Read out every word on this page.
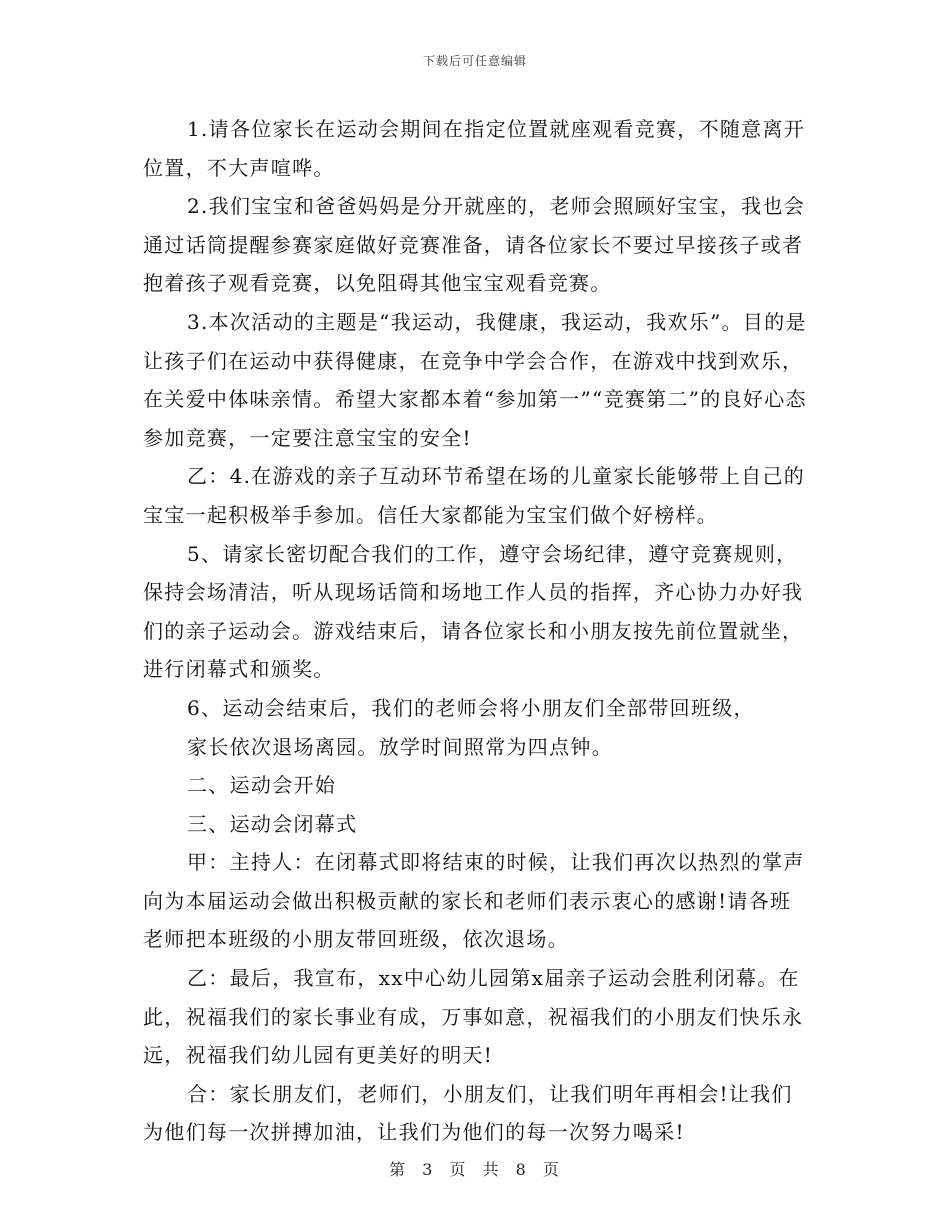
下载后可任意编辑

1.请各位家长在运动会期间在指定位置就座观看竞赛，不随意离开位置，不大声喧哗。

2.我们宝宝和爸爸妈妈是分开就座的，老师会照顾好宝宝，我也会通过话筒提醒参赛家庭做好竞赛准备，请各位家长不要过早接孩子或者抱着孩子观看竞赛，以免阻碍其他宝宝观看竞赛。

3.本次活动的主题是“我运动，我健康，我运动，我欢乐”。目的是让孩子们在运动中获得健康，在竞争中学会合作，在游戏中找到欢乐，在关爱中体味亲情。希望大家都本着“参加第一”“竞赛第二”的良好心态参加竞赛，一定要注意宝宝的安全!

乙：4.在游戏的亲子互动环节希望在场的儿童家长能够带上自己的宝宝一起积极举手参加。信任大家都能为宝宝们做个好榜样。

5、请家长密切配合我们的工作，遵守会场纪律，遵守竞赛规则，保持会场清洁，听从现场话筒和场地工作人员的指挥，齐心协力办好我们的亲子运动会。游戏结束后，请各位家长和小朋友按先前位置就坐，进行闭幕式和颁奖。

6、运动会结束后，我们的老师会将小朋友们全部带回班级，

家长依次退场离园。放学时间照常为四点钟。

二、运动会开始

三、运动会闭幕式

甲：主持人：在闭幕式即将结束的时候，让我们再次以热烈的掌声向为本届运动会做出积极贡献的家长和老师们表示衷心的感谢!请各班老师把本班级的小朋友带回班级，依次退场。

乙：最后，我宣布，xx中心幼儿园第x届亲子运动会胜利闭幕。在此，祝福我们的家长事业有成，万事如意，祝福我们的小朋友们快乐永远，祝福我们幼儿园有更美好的明天!

合：家长朋友们，老师们，小朋友们，让我们明年再相会!让我们为他们每一次拼搏加油，让我们为他们的每一次努力喝采!

第 3 页 共 8 页
